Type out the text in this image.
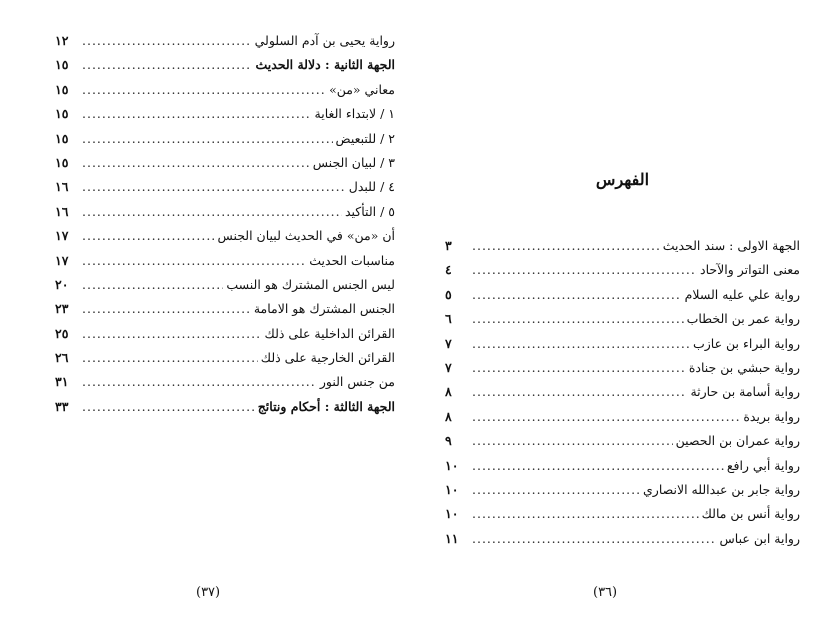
رواية يحيى بن آدم السلولي
.....
١٢
الجهة الثانية : دلالة الحديث
.....
١٥
معاني «من»
.....
١٥
١ / لابتداء الغاية
.....
١٥
٢ / للتبعيض
.....
١٥
٣ / لبيان الجنس
.....
١٥
٤ / للبدل
.....
١٦
٥ / التأكيد
.....
١٦
أن «من» في الحديث لبيان الجنس
.....
١٧
مناسبات الحديث
.....
١٧
ليس الجنس المشترك هو النسب
.....
٢٠
الجنس المشترك هو الامامة
.....
٢٣
القرائن الداخلية على ذلك
.....
٢٥
القرائن الخارجية على ذلك
.....
٢٦
من جنس النور
.....
٣١
الجهة الثالثة : أحكام ونتائج
.....
٣٣
(٣٧)
الفهرس
الجهة الاولى : سند الحديث
.....
٣
معنى التواتر والآحاد
.....
٤
رواية علي عليه السلام
.....
٥
رواية عمر بن الخطاب
.....
٦
رواية البراء بن عازب
.....
٧
رواية حبشي بن جنادة
.....
٧
رواية أسامة بن حارثة
.....
٨
رواية بريدة
.....
٨
رواية عمران بن الحصين
.....
٩
رواية أبي رافع
.....
١٠
رواية جابر بن عبدالله الانصاري
.....
١٠
رواية أنس بن مالك
.....
١٠
رواية ابن عباس
.....
١١
(٣٦)
